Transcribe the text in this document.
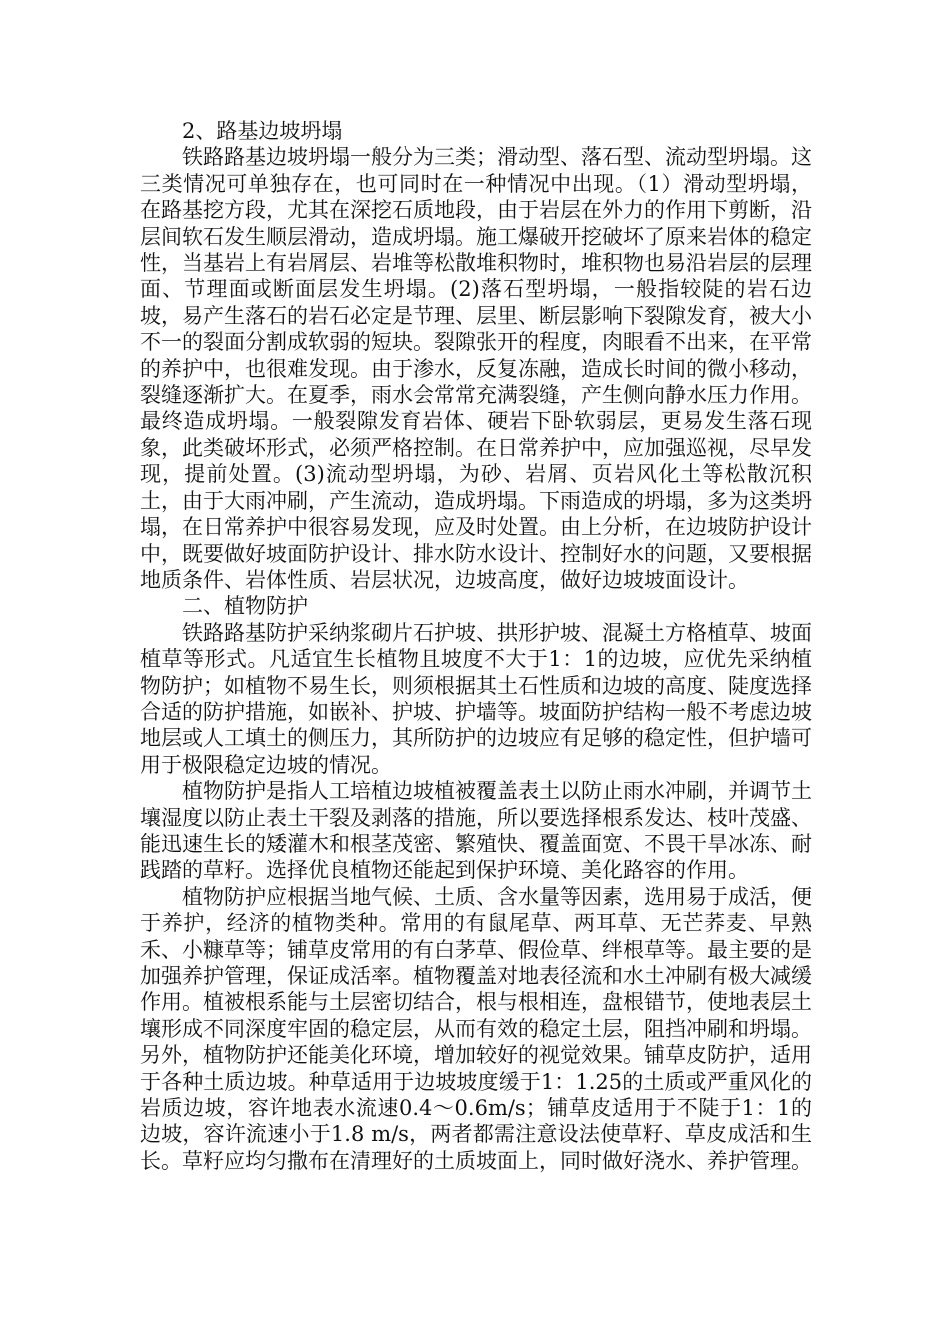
2、路基边坡坍塌

铁路路基边坡坍塌一般分为三类；滑动型、落石型、流动型坍塌。这三类情况可单独存在，也可同时在一种情况中出现。（1）滑动型坍塌，在路基挖方段，尤其在深挖石质地段，由于岩层在外力的作用下剪断，沿层间软石发生顺层滑动，造成坍塌。施工爆破开挖破坏了原来岩体的稳定性，当基岩上有岩屑层、岩堆等松散堆积物时，堆积物也易沿岩层的层理面、节理面或断面层发生坍塌。(2)落石型坍塌，一般指较陡的岩石边坡，易产生落石的岩石必定是节理、层里、断层影响下裂隙发育，被大小不一的裂面分割成软弱的短块。裂隙张开的程度，肉眼看不出来，在平常的养护中，也很难发现。由于渗水，反复冻融，造成长时间的微小移动，裂缝逐渐扩大。在夏季，雨水会常常充满裂缝，产生侧向静水压力作用。最终造成坍塌。一般裂隙发育岩体、硬岩下卧软弱层，更易发生落石现象，此类破坏形式，必须严格控制。在日常养护中，应加强巡视，尽早发现，提前处置。(3)流动型坍塌，为砂、岩屑、页岩风化土等松散沉积土，由于大雨冲刷，产生流动，造成坍塌。下雨造成的坍塌，多为这类坍塌，在日常养护中很容易发现，应及时处置。由上分析，在边坡防护设计中，既要做好坡面防护设计、排水防水设计、控制好水的问题，又要根据地质条件、岩体性质、岩层状况，边坡高度，做好边坡坡面设计。

二、植物防护

铁路路基防护采纳浆砌片石护坡、拱形护坡、混凝土方格植草、坡面植草等形式。凡适宜生长植物且坡度不大于1：1的边坡，应优先采纳植物防护；如植物不易生长，则须根据其土石性质和边坡的高度、陡度选择合适的防护措施，如嵌补、护坡、护墙等。坡面防护结构一般不考虑边坡地层或人工填土的侧压力，其所防护的边坡应有足够的稳定性，但护墙可用于极限稳定边坡的情况。

植物防护是指人工培植边坡植被覆盖表土以防止雨水冲刷，并调节土壤湿度以防止表土干裂及剥落的措施，所以要选择根系发达、枝叶茂盛、能迅速生长的矮灌木和根茎茂密、繁殖快、覆盖面宽、不畏干旱冰冻、耐践踏的草籽。选择优良植物还能起到保护环境、美化路容的作用。

植物防护应根据当地气候、土质、含水量等因素，选用易于成活，便于养护，经济的植物类种。常用的有鼠尾草、两耳草、无芒荞麦、早熟禾、小糠草等；铺草皮常用的有白茅草、假俭草、绊根草等。最主要的是加强养护管理，保证成活率。植物覆盖对地表径流和水土冲刷有极大减缓作用。植被根系能与土层密切结合，根与根相连，盘根错节，使地表层土壤形成不同深度牢固的稳定层，从而有效的稳定土层，阻挡冲刷和坍塌。另外，植物防护还能美化环境，增加较好的视觉效果。铺草皮防护，适用于各种土质边坡。种草适用于边坡坡度缓于1：1.25的土质或严重风化的岩质边坡，容许地表水流速0.4～0.6m/s；铺草皮适用于不陡于1：1的边坡，容许流速小于1.8 m/s，两者都需注意设法使草籽、草皮成活和生长。草籽应均匀撒布在清理好的土质坡面上，同时做好浇水、养护管理。
